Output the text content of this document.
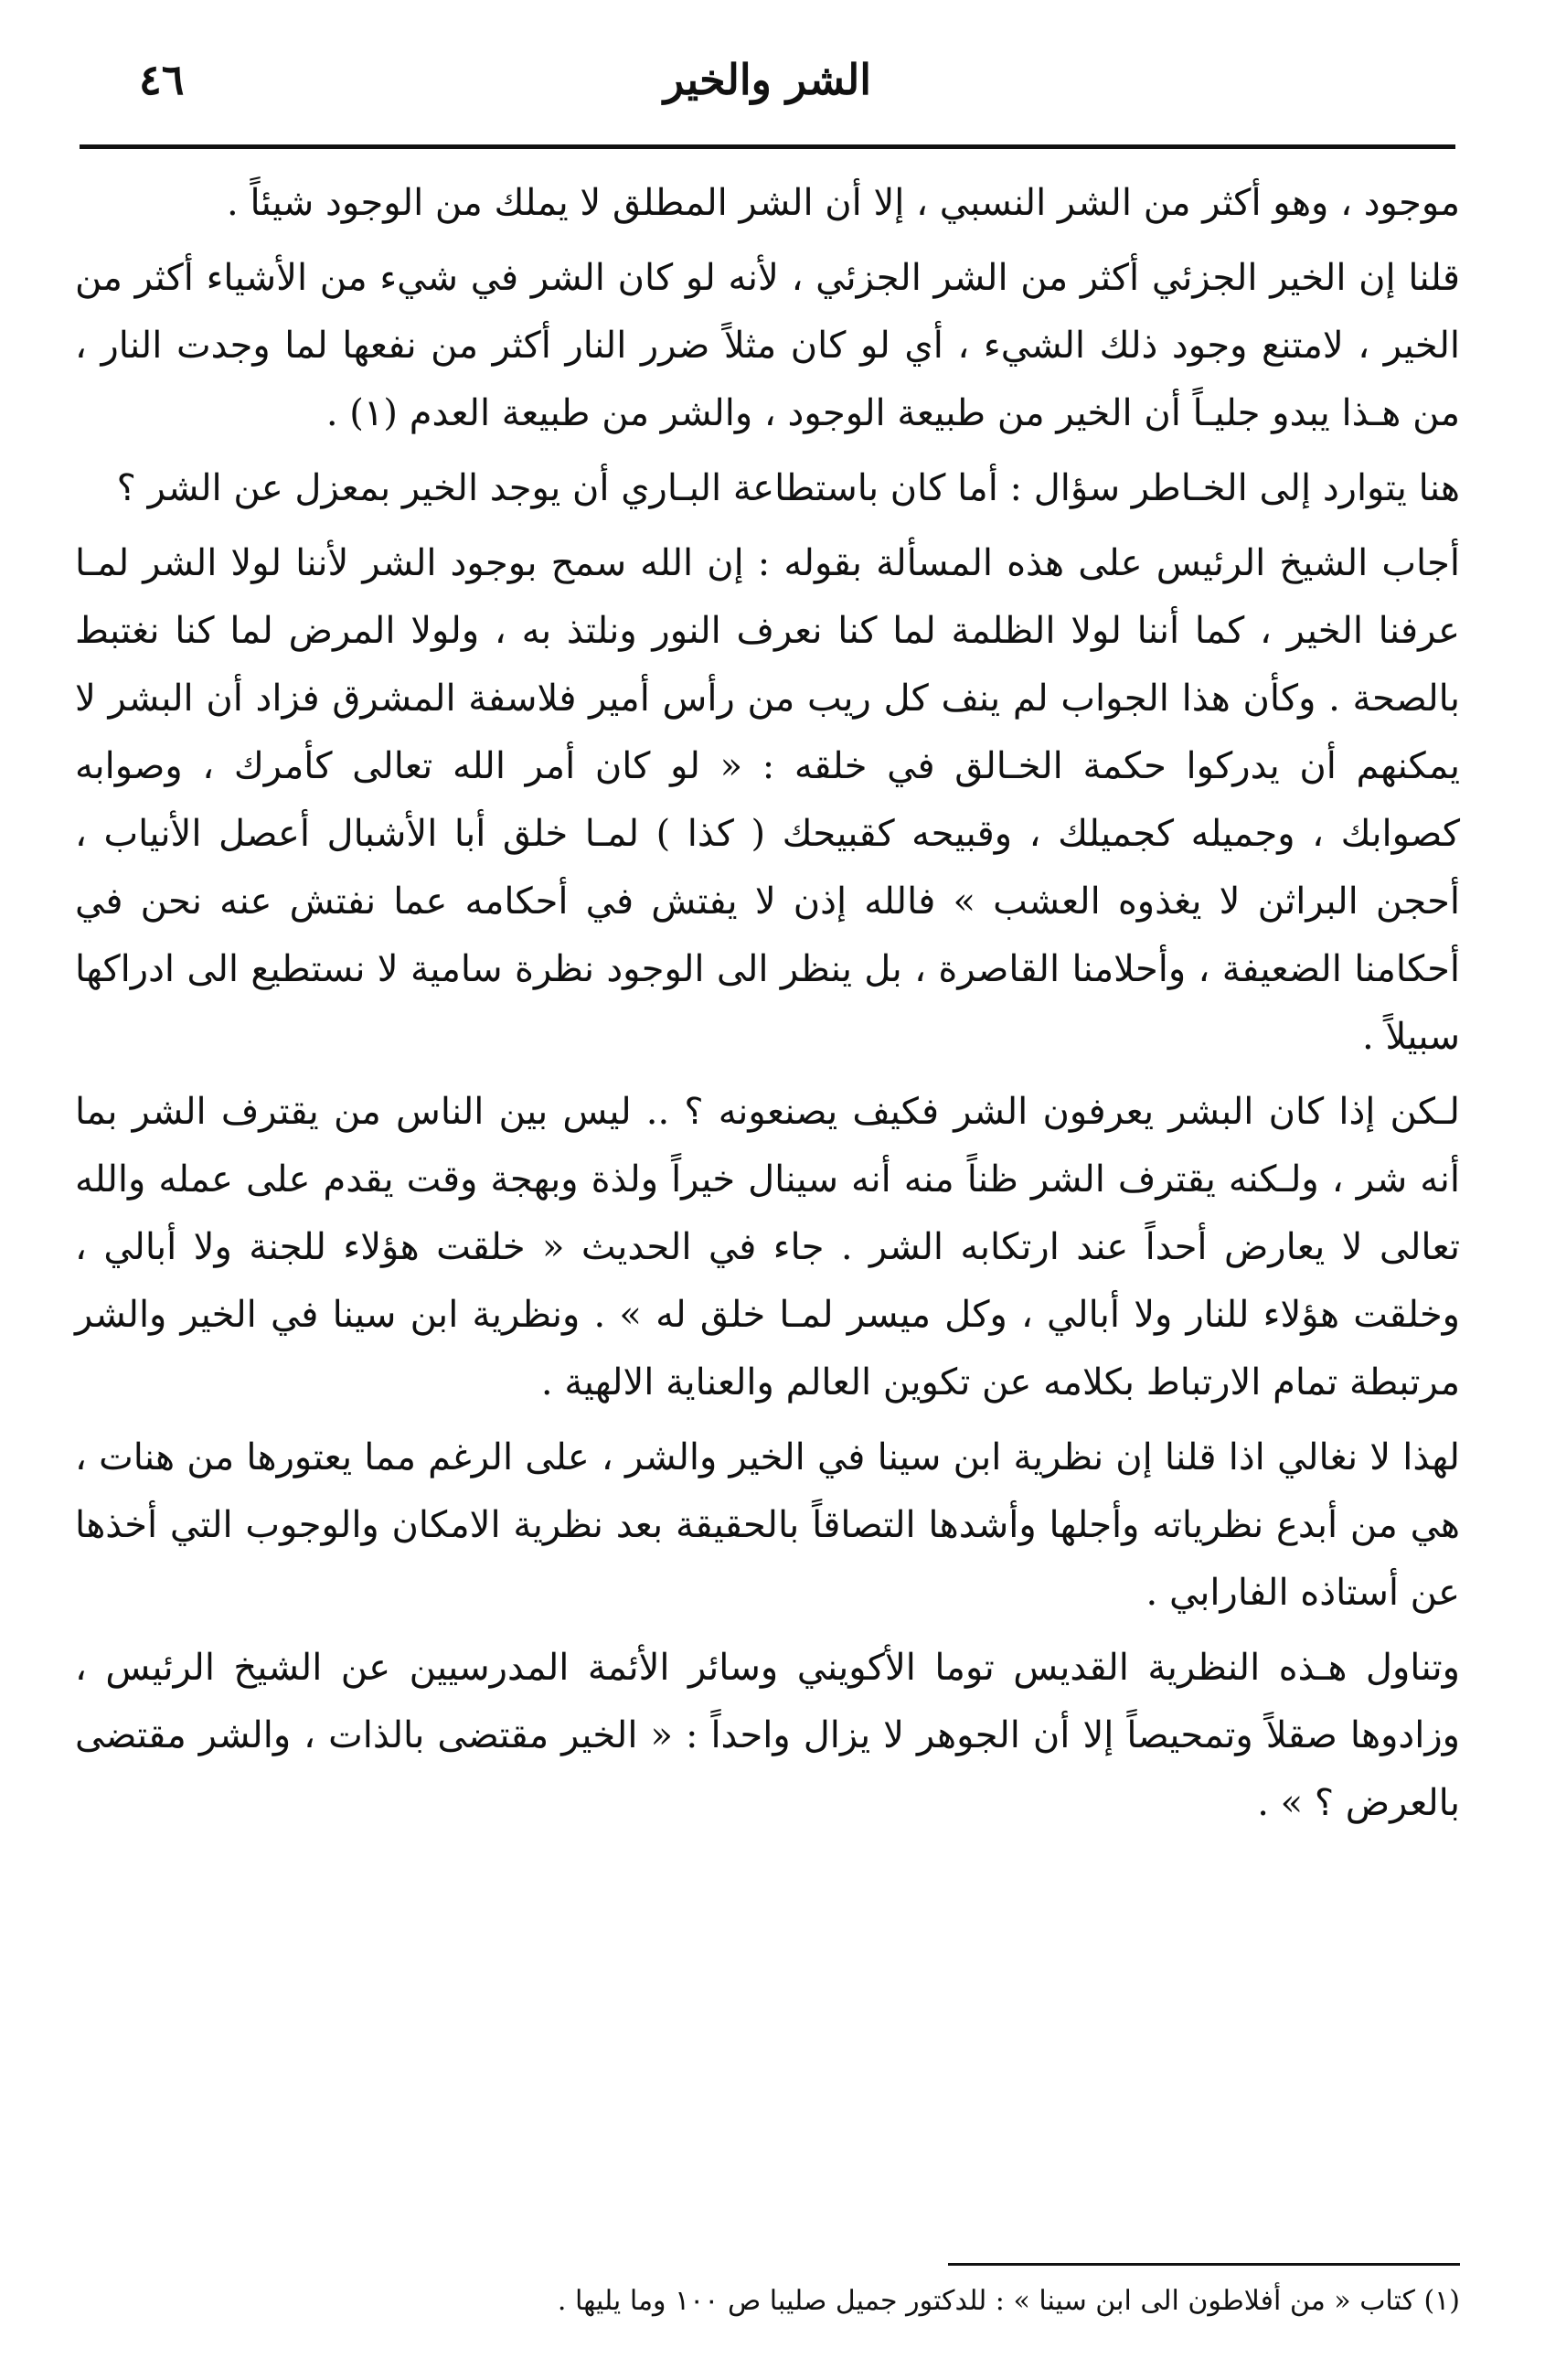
٤٦	الشر والخير

موجود ، وهو أكثر من الشر النسبي ، إلا أن الشر المطلق لا يملك من الوجود شيئاً .

قلنا إن الخير الجزئي أكثر من الشر الجزئي ، لأنه لو كان الشر في شيء من الأشياء أكثر من الخير ، لامتنع وجود ذلك الشيء ، أي لو كان مثلاً ضرر النار أكثر من نفعها لما وجدت النار ، من هـذا يبدو جليـاً أن الخير من طبيعة الوجود ، والشر من طبيعة العدم (١) .

هنا يتوارد إلى الخـاطر سؤال : أما كان باستطاعة البـاري أن يوجد الخير بمعزل عن الشر ؟

أجاب الشيخ الرئيس على هذه المسألة بقوله : إن الله سمح بوجود الشر لأننا لولا الشر لمـا عرفنا الخير ، كما أننا لولا الظلمة لما كنا نعرف النور ونلتذ به ، ولولا المرض لما كنا نغتبط بالصحة . وكأن هذا الجواب لم ينف كل ريب من رأس أمير فلاسفة المشرق فزاد أن البشر لا يمكنهم أن يدركوا حكمة الخـالق في خلقه : « لو كان أمر الله تعالى كأمرك ، وصوابه كصوابك ، وجميله كجميلك ، وقبيحه كقبيحك ( كذا ) لمـا خلق أبا الأشبال أعصل الأنياب ، أحجن البراثن لا يغذوه العشب » فالله إذن لا يفتش في أحكامه عما نفتش عنه نحن في أحكامنا الضعيفة ، وأحلامنا القاصرة ، بل ينظر الى الوجود نظرة سامية لا نستطيع الى ادراكها سبيلاً .

لـكن إذا كان البشر يعرفون الشر فكيف يصنعونه ؟ .. ليس بين الناس من يقترف الشر بما أنه شر ، ولـكنه يقترف الشر ظناً منه أنه سينال خيراً ولذة وبهجة وقت يقدم على عمله والله تعالى لا يعارض أحداً عند ارتكابه الشر . جاء في الحديث « خلقت هؤلاء للجنة ولا أبالي ، وخلقت هؤلاء للنار ولا أبالي ، وكل ميسر لمـا خلق له » . ونظرية ابن سينا في الخير والشر مرتبطة تمام الارتباط بكلامه عن تكوين العالم والعناية الالهية .

لهذا لا نغالي اذا قلنا إن نظرية ابن سينا في الخير والشر ، على الرغم مما يعتورها من هنات ، هي من أبدع نظرياته وأجلها وأشدها التصاقاً بالحقيقة بعد نظرية الامكان والوجوب التي أخذها عن أستاذه الفارابي .

وتناول هـذه النظرية القديس توما الأكويني وسائر الأئمة المدرسيين عن الشيخ الرئيس ، وزادوها صقلاً وتمحيصاً إلا أن الجوهر لا يزال واحداً : « الخير مقتضى بالذات ، والشر مقتضى بالعرض ؟ » .

(١) كتاب « من أفلاطون الى ابن سينا » : للدكتور جميل صليبا ص ١٠٠ وما يليها .
